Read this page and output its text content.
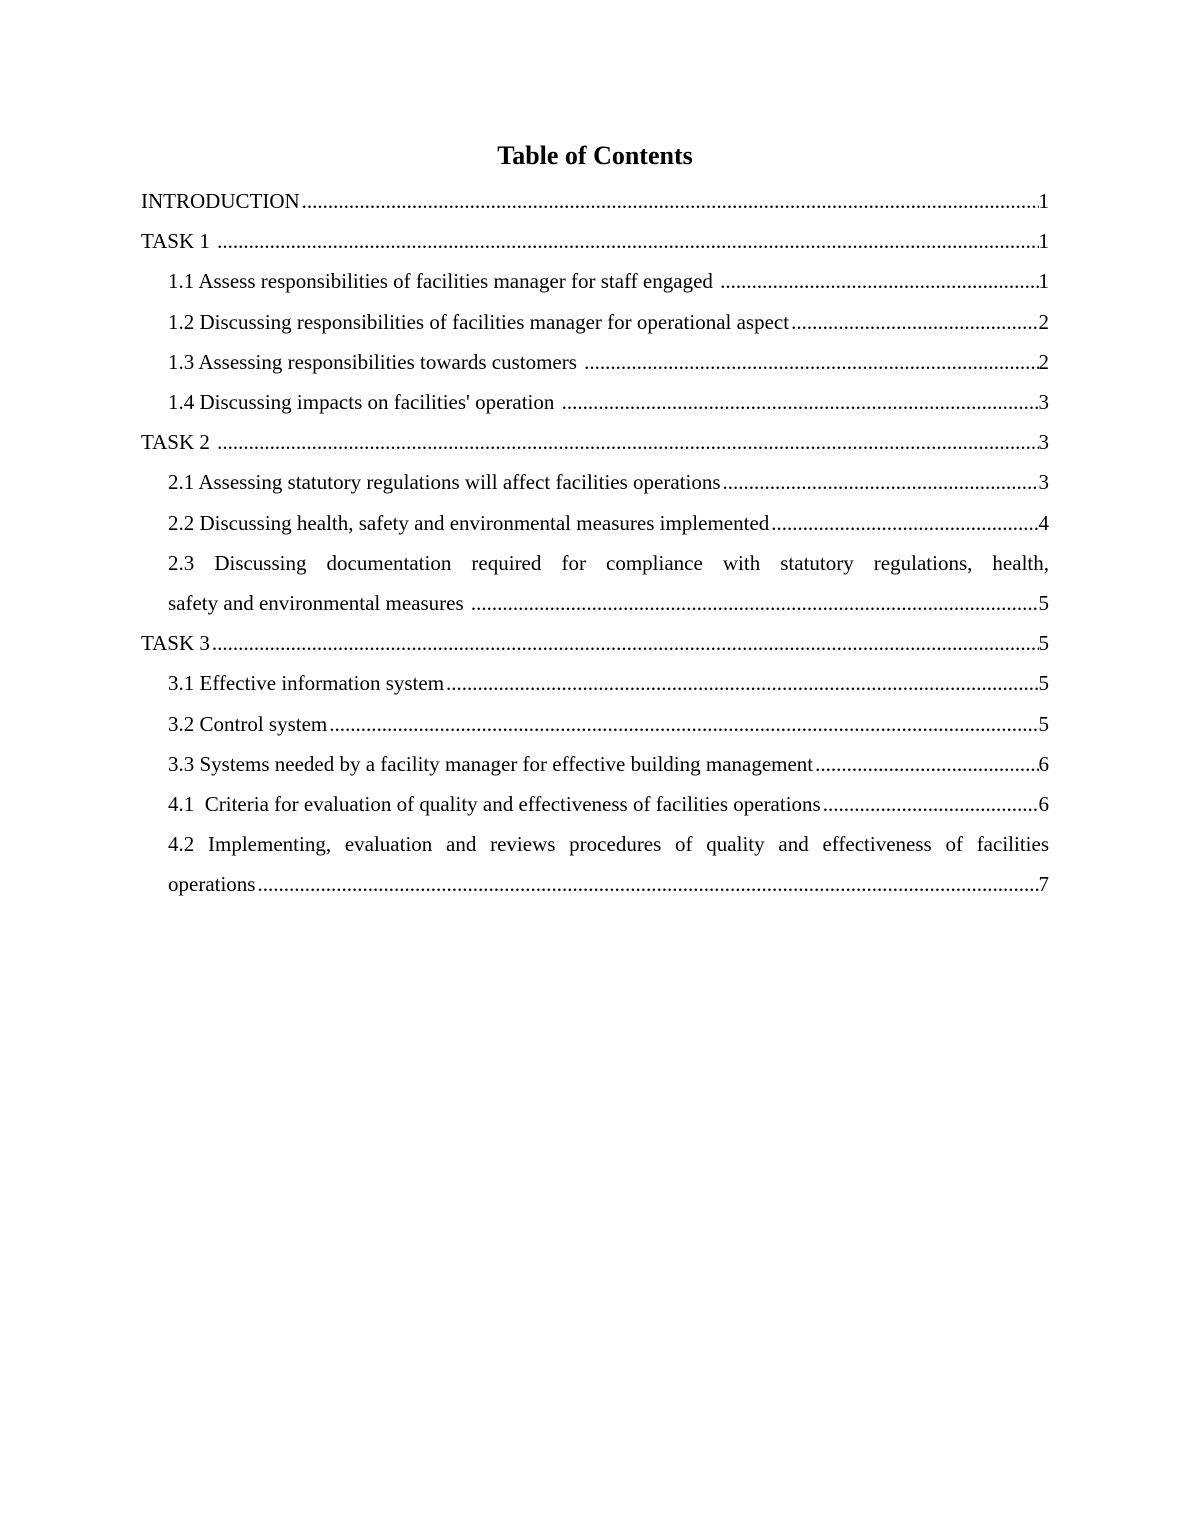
Table of Contents
INTRODUCTION .....	1
TASK 1 .....	1
1.1 Assess responsibilities of facilities manager for staff engaged .....	1
1.2 Discussing responsibilities of facilities manager for operational aspect .....	2
1.3 Assessing responsibilities towards customers .....	2
1.4 Discussing impacts on facilities' operation .....	3
TASK 2 .....	3
2.1 Assessing statutory regulations will affect facilities operations .....	3
2.2 Discussing health, safety and environmental measures implemented .....	4
2.3 Discussing documentation required for compliance with statutory regulations, health,
safety and environmental measures .....	5
TASK 3 .....	5
3.1 Effective information system .....	5
3.2 Control system .....	5
3.3 Systems needed by a facility manager for effective building management .....	6
4.1  Criteria for evaluation of quality and effectiveness of facilities operations .....	6
4.2 Implementing, evaluation and reviews procedures of quality and effectiveness of facilities
operations .....	7
